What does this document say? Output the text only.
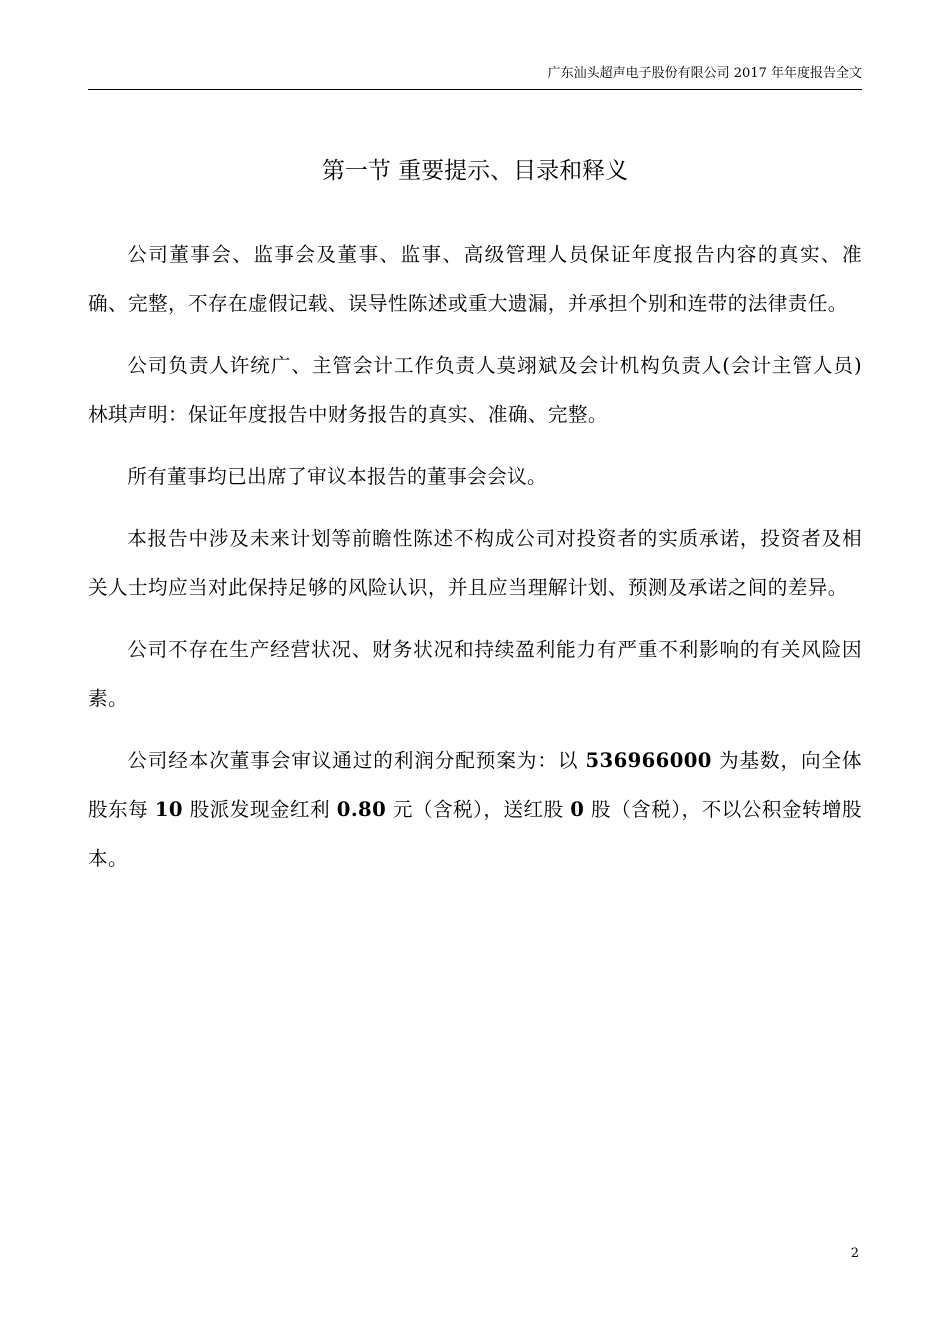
广东汕头超声电子股份有限公司 2017 年年度报告全文
第一节 重要提示、目录和释义

公司董事会、监事会及董事、监事、高级管理人员保证年度报告内容的真实、准确、完整，不存在虚假记载、误导性陈述或重大遗漏，并承担个别和连带的法律责任。

公司负责人许统广、主管会计工作负责人莫翊斌及会计机构负责人(会计主管人员)林琪声明：保证年度报告中财务报告的真实、准确、完整。

所有董事均已出席了审议本报告的董事会会议。

本报告中涉及未来计划等前瞻性陈述不构成公司对投资者的实质承诺，投资者及相关人士均应当对此保持足够的风险认识，并且应当理解计划、预测及承诺之间的差异。

公司不存在生产经营状况、财务状况和持续盈利能力有严重不利影响的有关风险因素。

公司经本次董事会审议通过的利润分配预案为：以 536966000 为基数，向全体股东每 10 股派发现金红利 0.80 元（含税），送红股 0 股（含税），不以公积金转增股本。

2
